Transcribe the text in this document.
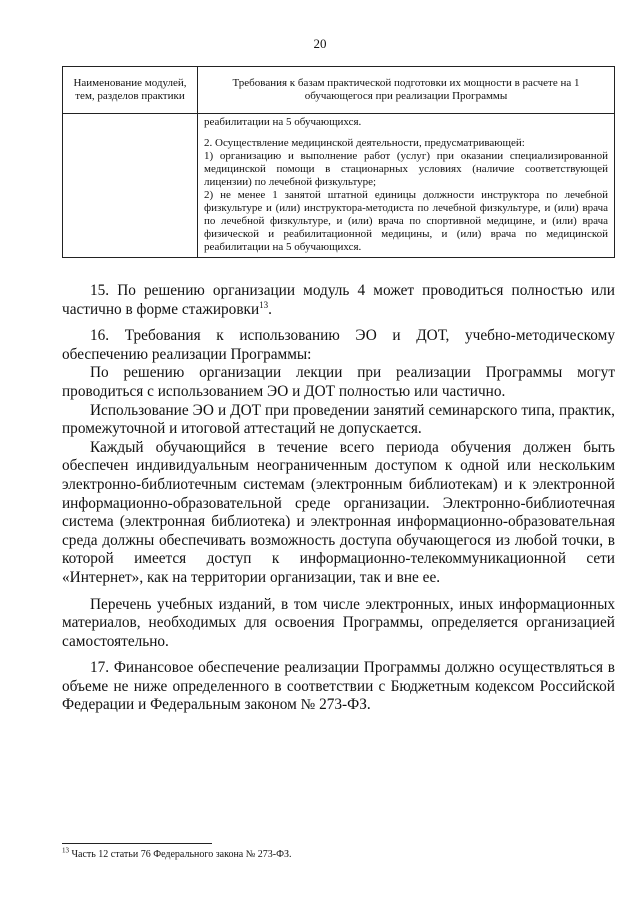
20
Наименование модулей, тем, разделов практики	Требования к базам практической подготовки их мощности в расчете на 1 обучающегося при реализации Программы

	реабилитации на 5 обучающихся.

2. Осуществление медицинской деятельности, предусматривающей:

1) организацию и выполнение работ (услуг) при оказании специализированной медицинской помощи в стационарных условиях (наличие соответствующей лицензии) по лечебной физкультуре;

2) не менее 1 занятой штатной единицы должности инструктора по лечебной физкультуре и (или) инструктора-методиста по лечебной физкультуре, и (или) врача по лечебной физкультуре, и (или) врача по спортивной медицине, и (или) врача физической и реабилитационной медицины, и (или) врача по медицинской реабилитации на 5 обучающихся.

15. По решению организации модуль 4 может проводиться полностью или частично в форме стажировки$^{13}$.

16. Требования к использованию ЭО и ДОТ, учебно-методическому обеспечению реализации Программы:

По решению организации лекции при реализации Программы могут проводиться с использованием ЭО и ДОТ полностью или частично.

Использование ЭО и ДОТ при проведении занятий семинарского типа, практик, промежуточной и итоговой аттестаций не допускается.

Каждый обучающийся в течение всего периода обучения должен быть обеспечен индивидуальным неограниченным доступом к одной или нескольким электронно-библиотечным системам (электронным библиотекам) и к электронной информационно-образовательной среде организации. Электронно-библиотечная система (электронная библиотека) и электронная информационно-образовательная среда должны обеспечивать возможность доступа обучающегося из любой точки, в которой имеется доступ к информационно-телекоммуникационной сети «Интернет», как на территории организации, так и вне ее.

Перечень учебных изданий, в том числе электронных, иных информационных материалов, необходимых для освоения Программы, определяется организацией самостоятельно.

17. Финансовое обеспечение реализации Программы должно осуществляться в объеме не ниже определенного в соответствии с Бюджетным кодексом Российской Федерации и Федеральным законом № 273-ФЗ.

$^{13}$ Часть 12 статьи 76 Федерального закона № 273-ФЗ.
